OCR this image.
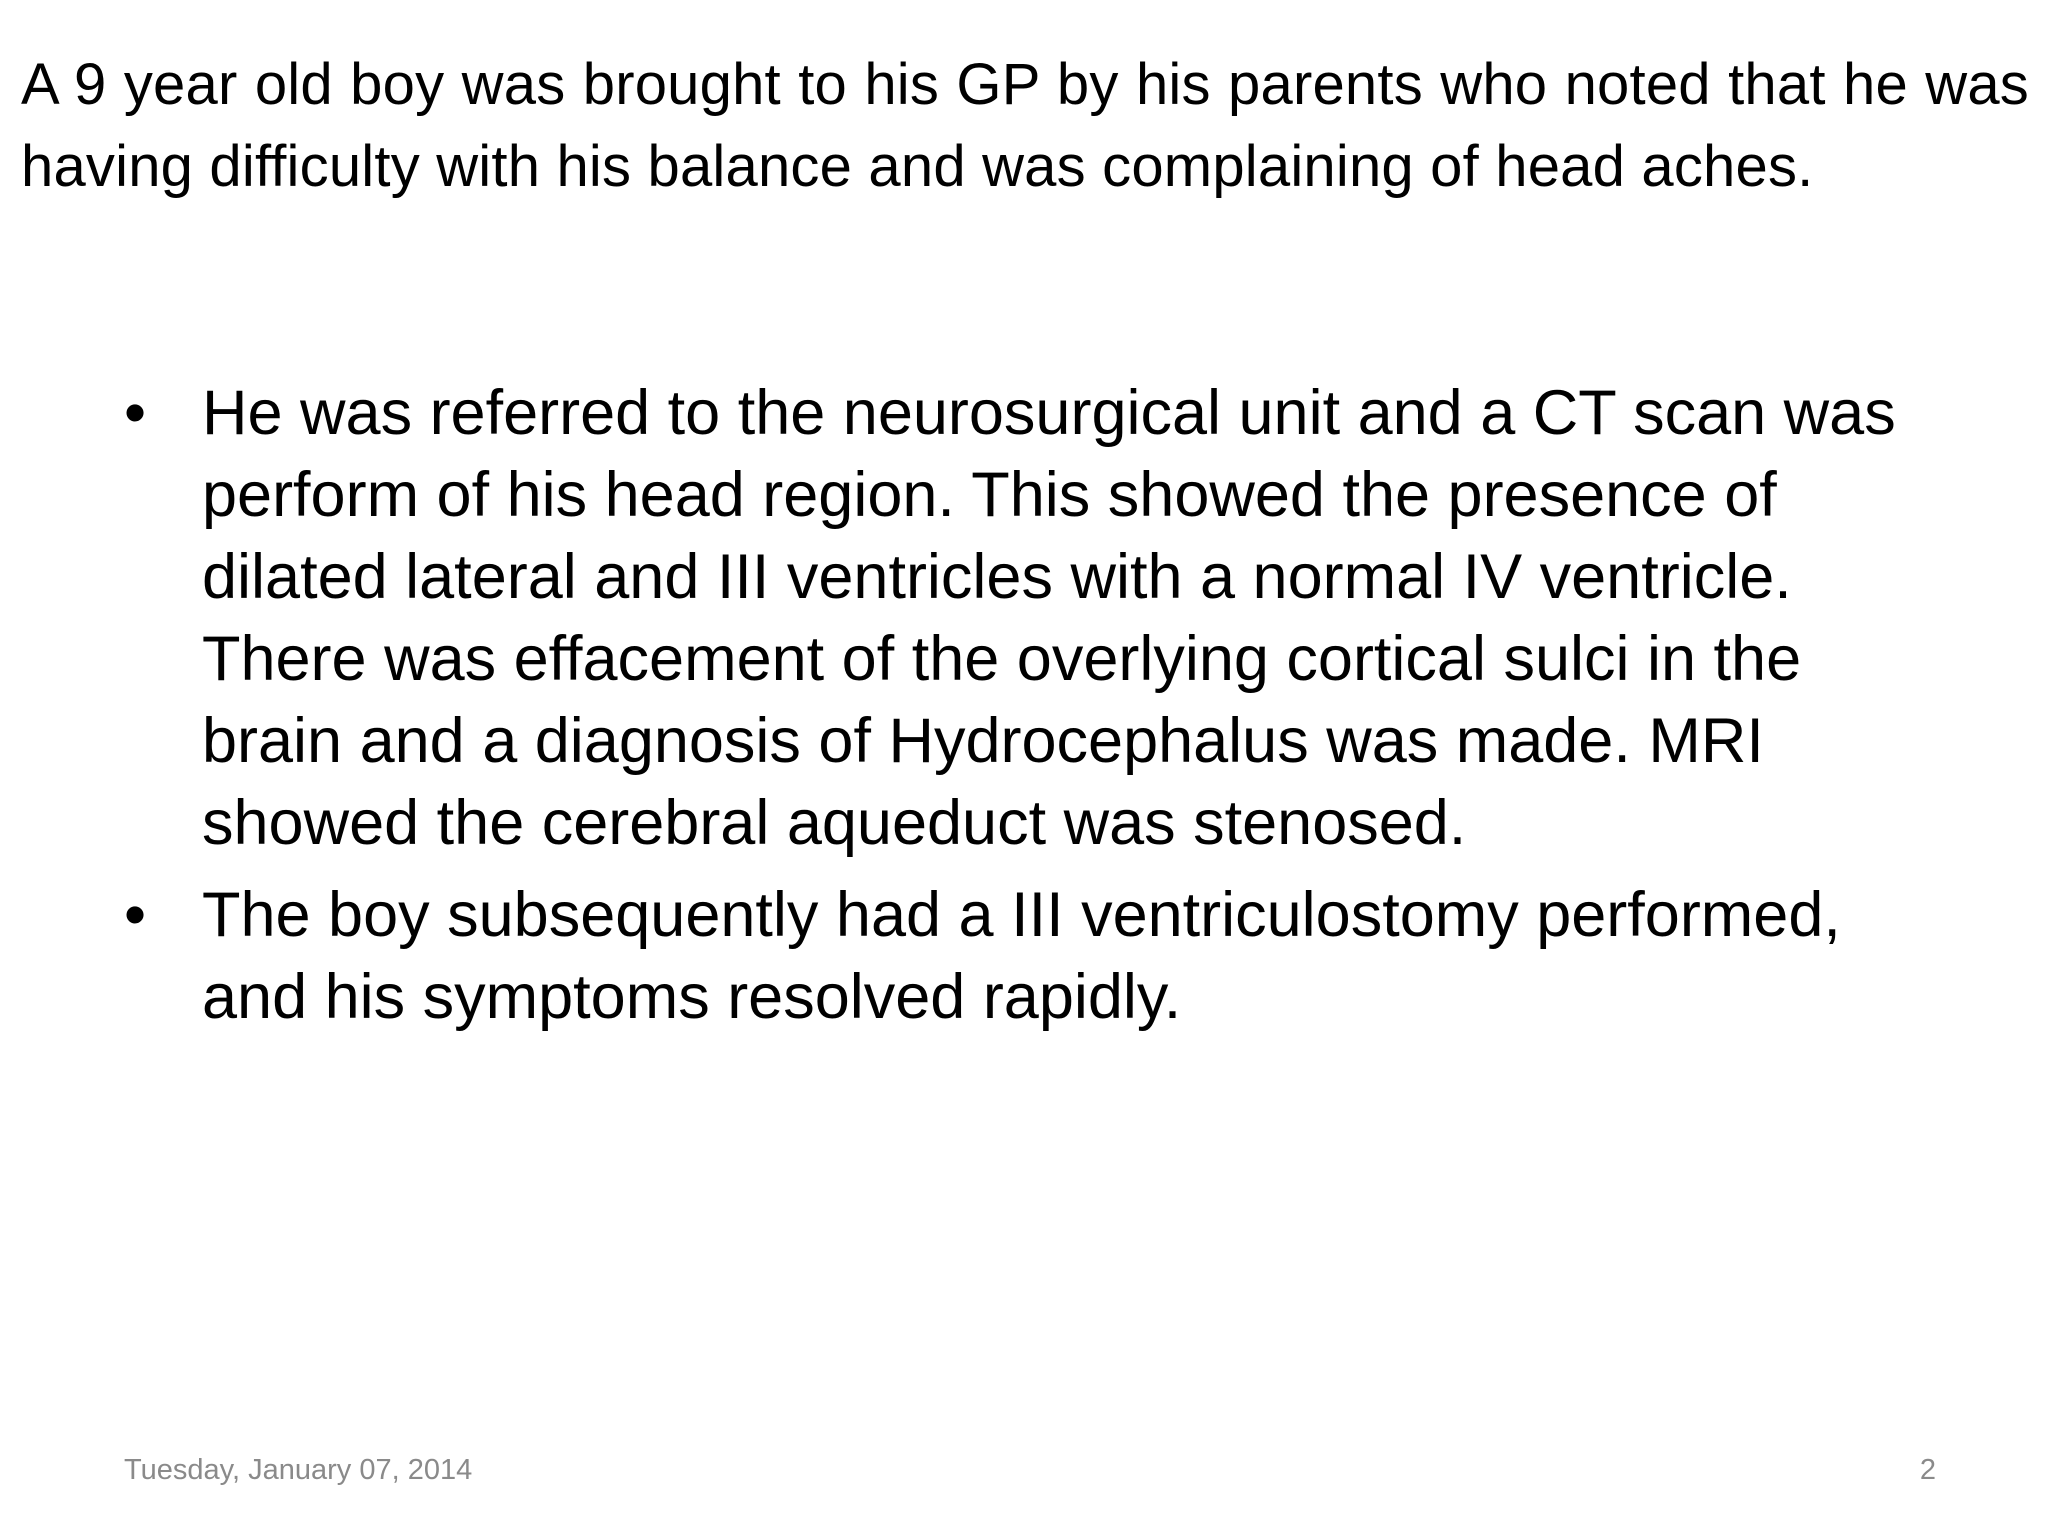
A 9 year old boy was brought to his GP by his parents who noted that he was having difficulty with his balance and was complaining of head aches.

• He was referred to the neurosurgical unit and a CT scan was perform of his head region. This showed the presence of dilated lateral and III ventricles with a normal IV ventricle. There was effacement of the overlying cortical sulci in the brain and a diagnosis of Hydrocephalus was made. MRI showed the cerebral aqueduct was stenosed.
• The boy subsequently had a III ventriculostomy performed, and his symptoms resolved rapidly.
Tuesday, January 07, 2014	2
